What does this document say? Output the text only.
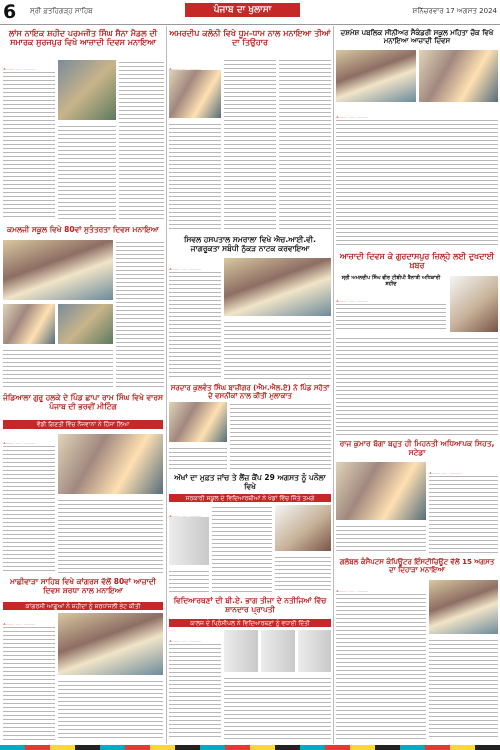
6 ਸ੍ਰੀ ਫ਼ਤਹਿਗੜ੍ਹ ਸਾਹਿਬ	ਪੰਜਾਬ ਦਾ ਖੁਲਾਸਾ	ਸ਼ਨਿੱਚਰਵਾਰ 17 ਅਗਸਤ 2024
ਲਾਂਸ ਨਾਇਕ ਸ਼ਹੀਦ ਪਰਮਜੀਤ ਸਿੰਘ ਸੈਨਾ ਮੈਡਲ ਦੀ ਸਮਾਰਕ ਸੁਰਜਪੁਰ ਵਿਖੇ ਆਜ਼ਾਦੀ ਦਿਵਸ ਮਨਾਇਆ
ਕਮਲਜੀ ਸਕੂਲ ਵਿਖੇ 80ਵਾਂ ਸੁਤੰਤਰਤਾ ਦਿਵਸ ਮਨਾਇਆ
ਜੰਡਿਆਲਾ ਗੁਰੂ ਹਲਕੇ ਦੇ ਪਿੰਡ ਛਾਪਾ ਰਾਮ ਸਿੰਘ ਵਿਖੇ ਵਾਰਸ ਪੰਜਾਬ ਦੀ ਭਰਵੀਂ ਮੀਟਿੰਗ
ਵੱਡੀ ਗਿਣਤੀ ਵਿੱਚ ਨੌਜਵਾਨਾਂ ਨੇ ਹਿੱਸਾ ਲਿਆ
ਮਾਛੀਵਾੜਾ ਸਾਹਿਬ ਵਿਖੇ ਕਾਂਗਰਸ ਵੱਲੋਂ 80ਵਾਂ ਆਜ਼ਾਦੀ ਦਿਵਸ ਸ਼ਰਧਾ ਨਾਲ ਮਨਾਇਆ
ਕਾਂਗਰਸੀ ਆਗੂਆਂ ਨੇ ਸ਼ਹੀਦਾਂ ਨੂੰ ਸ਼ਰਧਾਂਜਲੀ ਭੇਟ ਕੀਤੀ
ਅਮਰਦੀਪ ਕਲੋਨੀ ਵਿਖੇ ਧੂਮ-ਧਾਮ ਨਾਲ ਮਨਾਇਆ ਤੀਆਂ ਦਾ ਤਿਉਹਾਰ
ਸਿਵਲ ਹਸਪਤਾਲ ਸਮਰਾਲਾ ਵਿਖੇ ਐਚ.ਆਈ.ਵੀ. ਜਾਗਰੂਕਤਾ ਸਬੰਧੀ ਨੁੱਕੜ ਨਾਟਕ ਕਰਵਾਇਆ
ਸਰਦਾਰ ਕੁਲਵੰਤ ਸਿੰਘ ਬਾਜ਼ੀਗਰ (ਐਮ.ਐਲ.ਏ) ਨੇ ਪਿੰਡ ਸਹੋਤਾਂ ਦੇ ਵਸਨੀਕਾਂ ਨਾਲ ਕੀਤੀ ਮੁਲਾਕਾਤ
ਅੱਖਾਂ ਦਾ ਮੁਫ਼ਤ ਜਾਂਚ ਤੇ ਲੈਂਜ਼ ਕੈਂਪ 29 ਅਗਸਤ ਨੂੰ ਪਨੌਲਾ ਵਿਖੇ
ਸਰਕਾਰੀ ਸਕੂਲ ਦੇ ਵਿਦਿਆਰਥੀਆਂ ਨੇ ਖੇਡਾਂ ਵਿੱਚ ਜਿੱਤੇ ਤਮਗੇ
ਵਿਦਿਆਰਥਣਾਂ ਦੀ ਬੀ.ਏ. ਭਾਗ ਤੀਜਾ ਦੇ ਨਤੀਜਿਆਂ ਵਿੱਚ ਸ਼ਾਨਦਾਰ ਪ੍ਰਾਪਤੀ
ਕਾਲਜ ਦੇ ਪ੍ਰਿੰਸੀਪਲ ਨੇ ਵਿਦਿਆਰਥਣਾਂ ਨੂੰ ਵਧਾਈ ਦਿੱਤੀ
ਦਸ਼ਮੇਸ਼ ਪਬਲਿਕ ਸੀਨੀਅਰ ਸੈਕੰਡਰੀ ਸਕੂਲ ਮਹਿਤਾ ਚੌਕ ਵਿਖੇ ਮਨਾਇਆ ਆਜ਼ਾਦੀ ਦਿਵਸ
ਆਜ਼ਾਦੀ ਦਿਵਸ ਕੇ ਗੁਰਦਾਸਪੁਰ ਜ਼ਿਲ੍ਹੇ ਲਈ ਦੁਖਦਾਈ ਖ਼ਬਰ
ਸ੍ਰੀ ਅਮਨਦੀਪ ਸਿੰਘ ਵੀਰ ਟੀਬੀਪੀ ਤੈਨਾਤੀ ਅਧਿਕਾਰੀ ਸ਼ਹੀਦ
ਰਾਜ ਕੁਮਾਰ ਬੱਗਾ ਬਹੁਤ ਹੀ ਮਿਹਨਤੀ ਅਧਿਆਪਕ ਸਿਹਤ, ਸਟੇਡਾ
ਗਲੋਬਲ ਕੰਸੈਪਟਸ ਕੰਪਿਊਟਰ ਇੰਸਟੀਚਿਊਟ ਵੱਲੋਂ 15 ਅਗਸਤ ਦਾ ਦਿਹਾੜਾ ਮਨਾਇਆ
